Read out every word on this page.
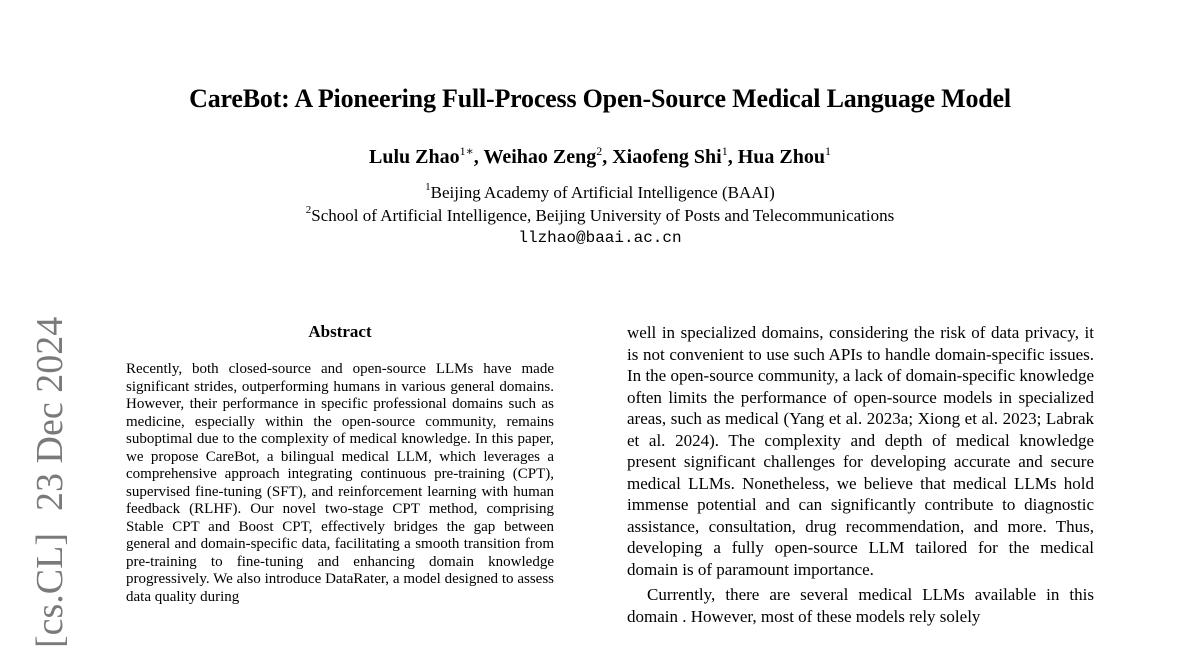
CareBot: A Pioneering Full-Process Open-Source Medical Language Model
Lulu Zhao$^{1∗}$, Weihao Zeng$^2$, Xiaofeng Shi$^1$, Hua Zhou$^1$
$^1$Beijing Academy of Artificial Intelligence (BAAI)
$^2$School of Artificial Intelligence, Beijing University of Posts and Telecommunications
llzhao@baai.ac.cn
[cs.CL]23 Dec 2024	Abstract

Recently, both closed-source and open-source LLMs have made significant strides, outperforming humans in various general domains. However, their performance in specific professional domains such as medicine, especially within the open-source community, remains suboptimal due to the complexity of medical knowledge. In this paper, we propose CareBot, a bilingual medical LLM, which leverages a comprehensive approach integrating continuous pre-training (CPT), supervised fine-tuning (SFT), and reinforcement learning with human feedback (RLHF). Our novel two-stage CPT method, comprising Stable CPT and Boost CPT, effectively bridges the gap between general and domain-specific data, facilitating a smooth transition from pre-training to fine-tuning and enhancing domain knowledge progressively. We also introduce DataRater, a model designed to assess data quality during

well in specialized domains, considering the risk of data privacy, it is not convenient to use such APIs to handle domain-specific issues. In the open-source community, a lack of domain-specific knowledge often limits the performance of open-source models in specialized areas, such as medical (Yang et al. 2023a; Xiong et al. 2023; Labrak et al. 2024). The complexity and depth of medical knowledge present significant challenges for developing accurate and secure medical LLMs. Nonetheless, we believe that medical LLMs hold immense potential and can significantly contribute to diagnostic assistance, consultation, drug recommendation, and more. Thus, developing a fully open-source LLM tailored for the medical domain is of paramount importance.

Currently, there are several medical LLMs available in this domain . However, most of these models rely solely
